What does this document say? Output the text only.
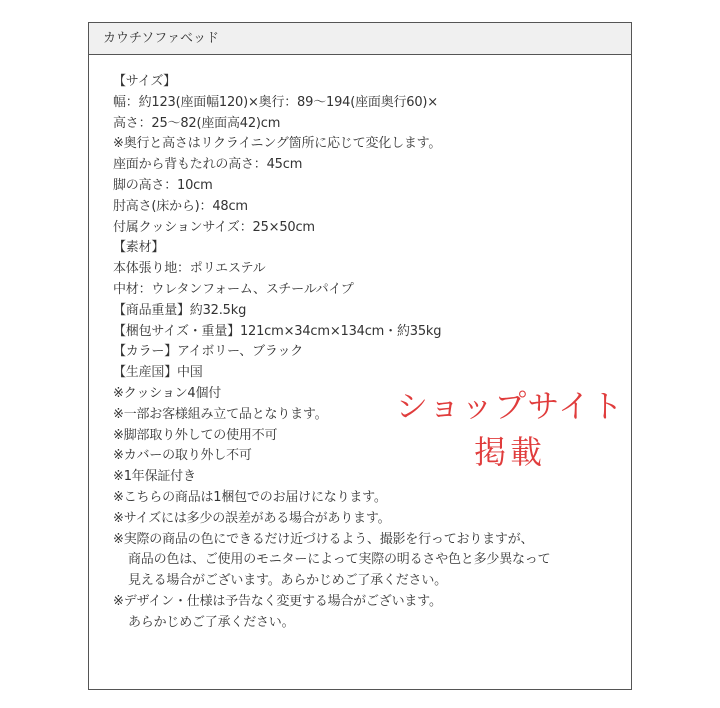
カウチソファベッド
【サイズ】
幅：約123(座面幅120)×奥行：89～194(座面奥行60)×
高さ：25～82(座面高42)cm
※奥行と高さはリクライニング箇所に応じて変化します。
座面から背もたれの高さ：45cm
脚の高さ：10cm
肘高さ(床から)：48cm
付属クッションサイズ：25×50cm
【素材】
本体張り地：ポリエステル
中材：ウレタンフォーム、スチールパイプ
【商品重量】約32.5kg
【梱包サイズ・重量】121cm×34cm×134cm・約35kg
【カラー】アイボリー、ブラック
【生産国】中国
※クッション4個付
※一部お客様組み立て品となります。
※脚部取り外しての使用不可
※カバーの取り外し不可
※1年保証付き
※こちらの商品は1梱包でのお届けになります。
※サイズには多少の誤差がある場合があります。
※実際の商品の色にできるだけ近づけるよう、撮影を行っておりますが、
商品の色は、ご使用のモニターによって実際の明るさや色と多少異なって
見える場合がございます。あらかじめご了承ください。
※デザイン・仕様は予告なく変更する場合がございます。
あらかじめご了承ください。
ショップサイト
掲載
